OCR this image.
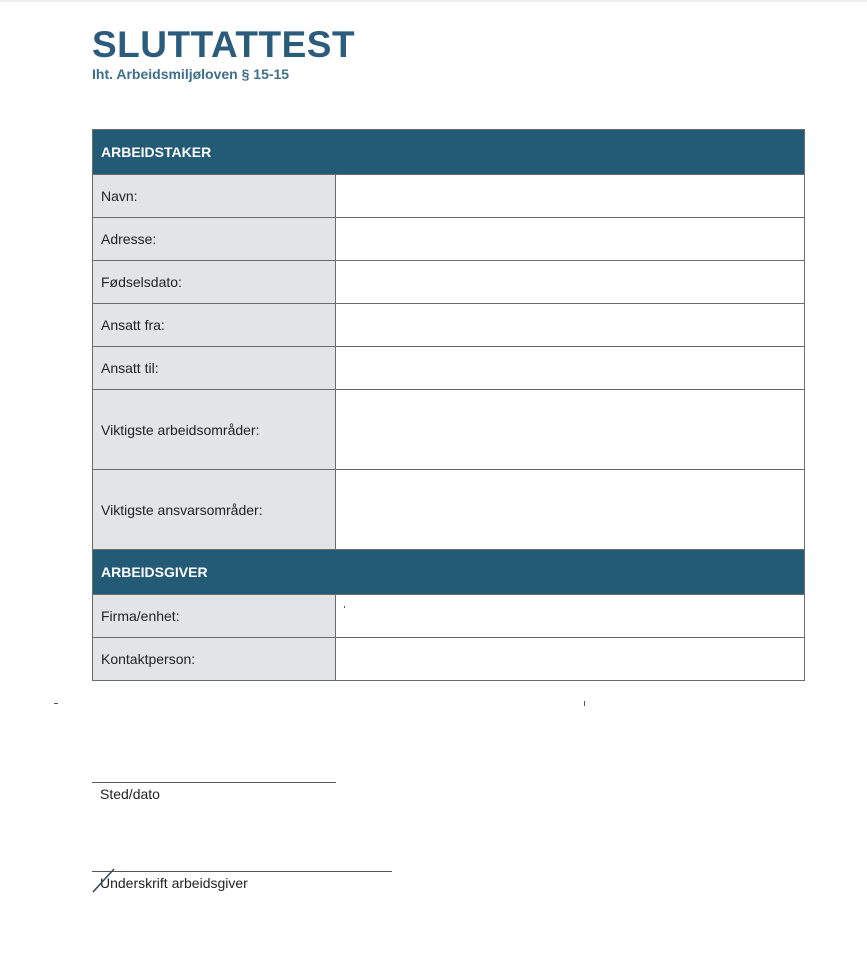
SLUTTATTEST
Iht. Arbeidsmiljøloven § 15-15
ARBEIDSTAKER	
Navn:	
Adresse:	
Fødselsdato:	
Ansatt fra:	
Ansatt til:	
Viktigste arbeidsområder:	
Viktigste ansvarsområder:	
ARBEIDSGIVER	
Firma/enhet:	
Kontaktperson:	
Sted/dato
Underskrift arbeidsgiver
